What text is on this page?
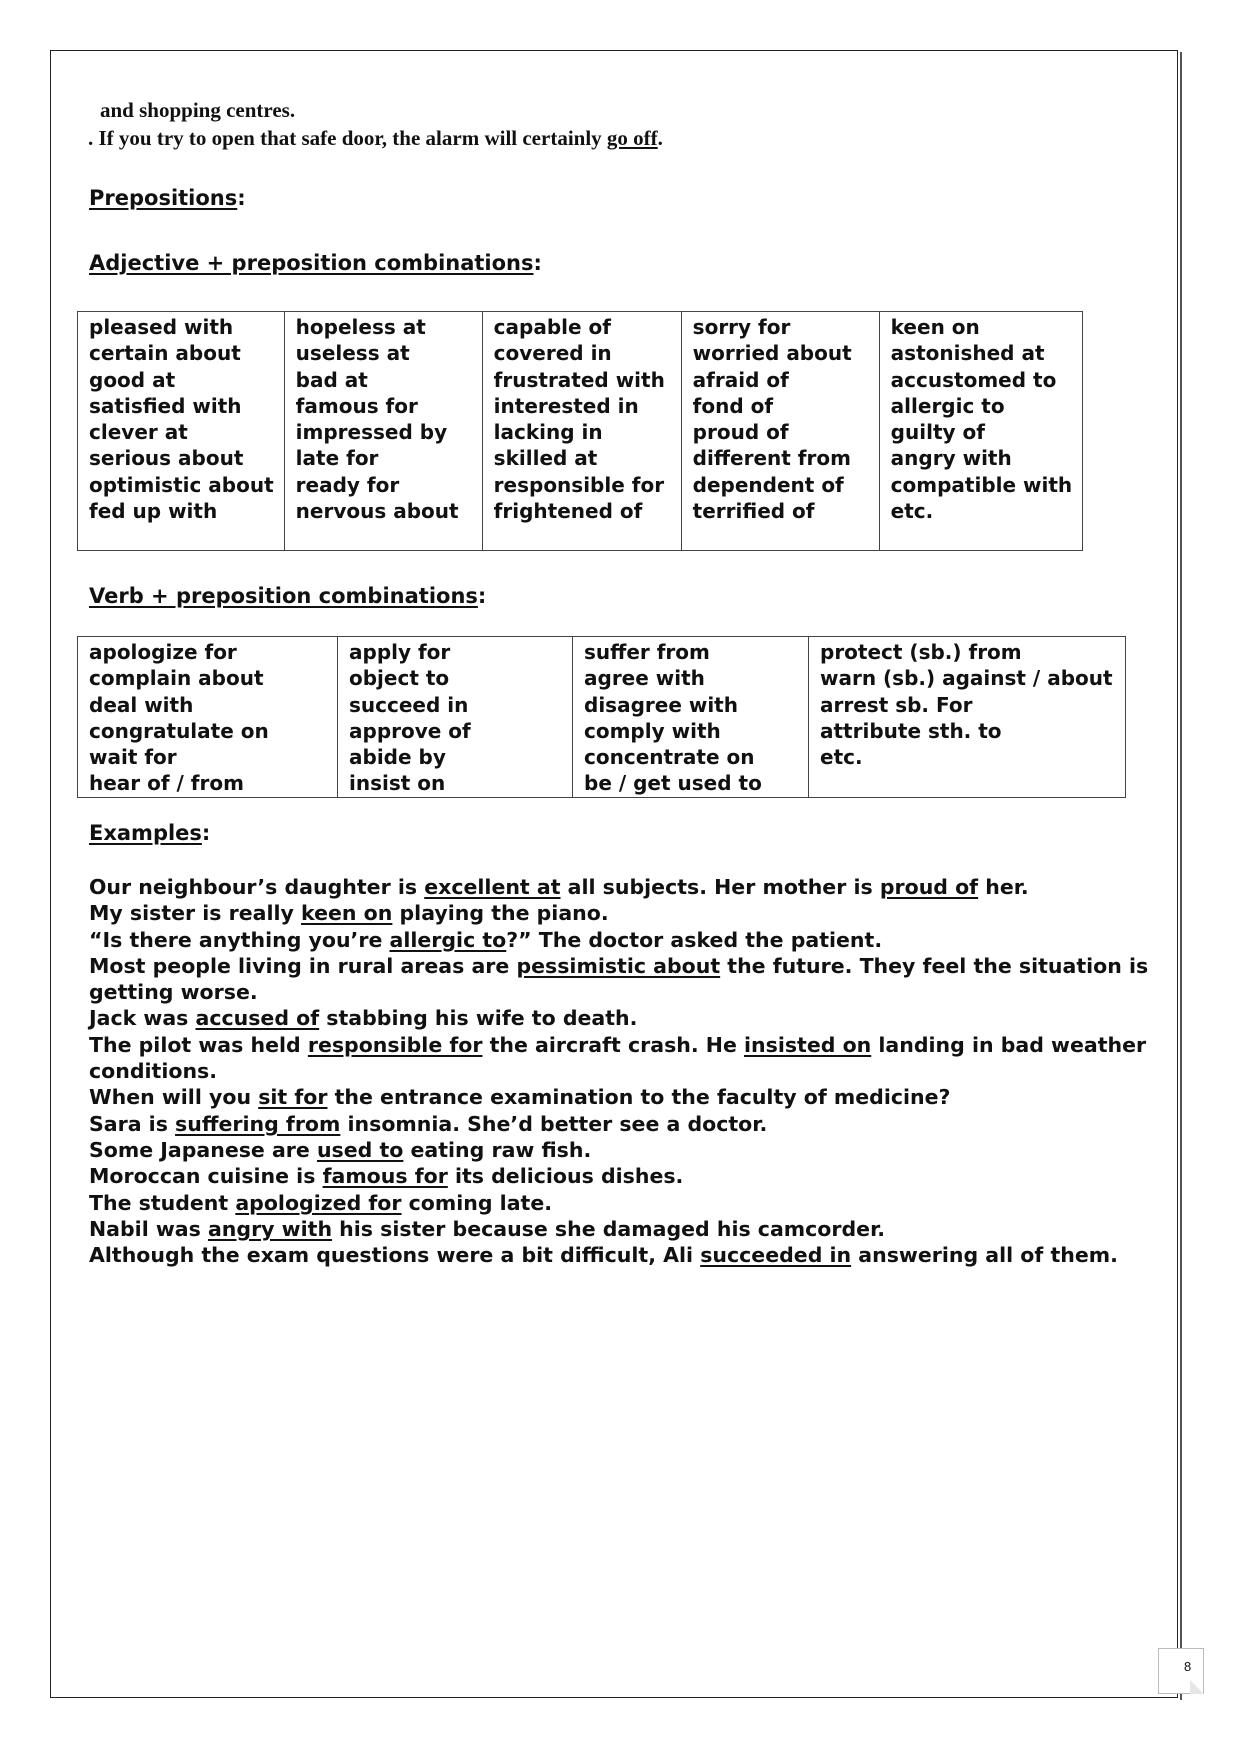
and shopping centres.
. If you try to open that safe door, the alarm will certainly go off.
Prepositions:
Adjective + preposition combinations:
pleased with
certain about
good at
satisfied with
clever at
serious about
optimistic about
fed up with

hopeless at
useless at
bad at
famous for
impressed by
late for
ready for
nervous about

capable of
covered in
frustrated with
interested in
lacking in
skilled at
responsible for
frightened of

sorry for
worried about
afraid of
fond of
proud of
different from
dependent of
terrified of

keen on
astonished at
accustomed to
allergic to
guilty of
angry with
compatible with
etc.
Verb + preposition combinations:
apologize for
complain about
deal with
congratulate on
wait for
hear of / from

apply for
object to
succeed in
approve of
abide by
insist on

suffer from
agree with
disagree with
comply with
concentrate on
be / get used to

protect (sb.) from
warn (sb.) against / about
arrest sb. For
attribute sth. to
etc.
Examples:

Our neighbour’s daughter is excellent at all subjects. Her mother is proud of her.

My sister is really keen on playing the piano.

“Is there anything you’re allergic to?” The doctor asked the patient.

Most people living in rural areas are pessimistic about the future. They feel the situation is getting worse.

Jack was accused of stabbing his wife to death.

The pilot was held responsible for the aircraft crash. He insisted on landing in bad weather conditions.

When will you sit for the entrance examination to the faculty of medicine?

Sara is suffering from insomnia. She’d better see a doctor.

Some Japanese are used to eating raw fish.

Moroccan cuisine is famous for its delicious dishes.

The student apologized for coming late.

Nabil was angry with his sister because she damaged his camcorder.

Although the exam questions were a bit difficult, Ali succeeded in answering all of them.

8
